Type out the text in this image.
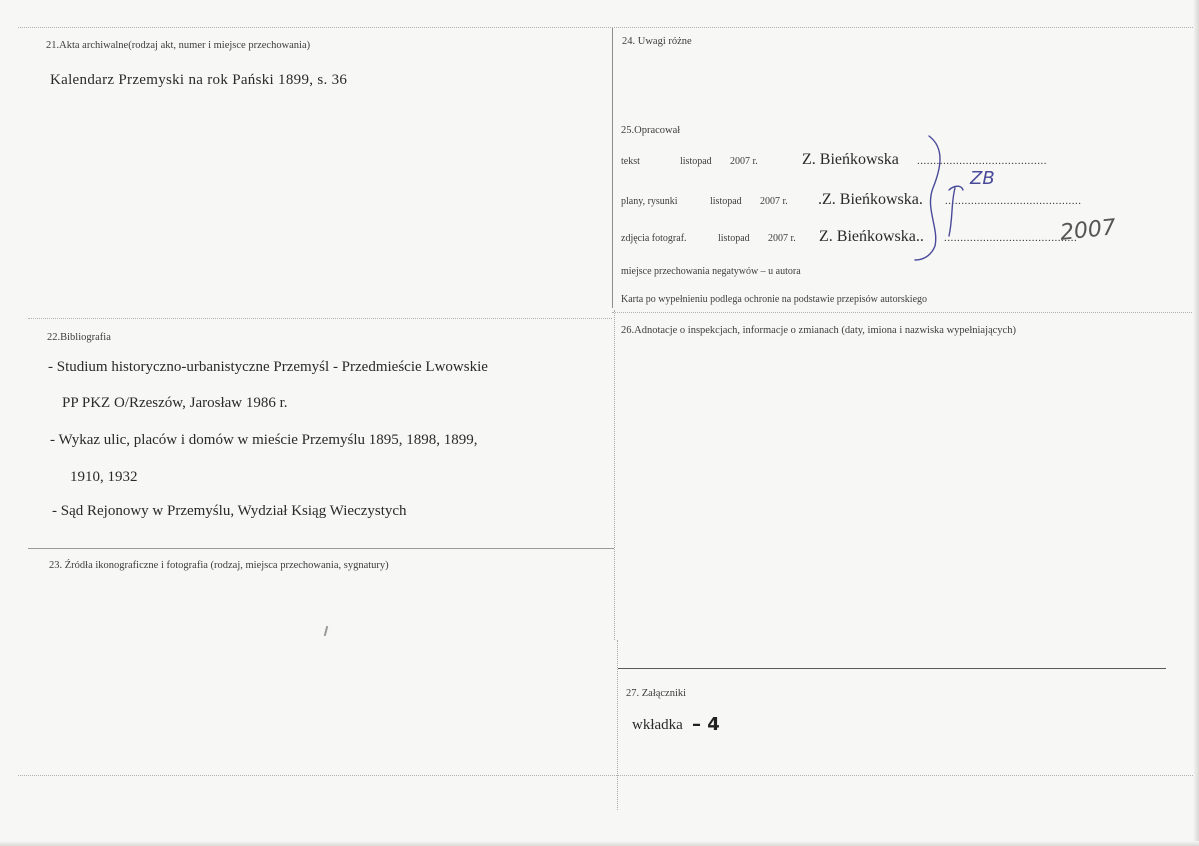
21.Akta archiwalne(rodzaj akt, numer i miejsce przechowania)
Kalendarz Przemyski na rok Pański 1899, s. 36
24. Uwagi różne
25.Opracował
tekst	listopad 2007 r.	Z. Bieńkowska ........................................
plany, rysunki	listopad 2007 r. .Z. Bieńkowska. ..........................................
zdjęcia fotograf.	listopad 2007 r. Z. Bieńkowska.. .........................................
miejsce przechowania negatywów – u autora
Karta po wypełnieniu podlega ochronie na podstawie przepisów autorskiego
ZB
2007
22.Bibliografia
- Studium historyczno-urbanistyczne Przemyśl - Przedmieście Lwowskie
PP PKZ O/Rzeszów, Jarosław 1986 r.
- Wykaz ulic, placów i domów w mieście Przemyślu 1895, 1898, 1899,
1910, 1932
- Sąd Rejonowy w Przemyślu, Wydział Ksiąg Wieczystych
26.Adnotacje o inspekcjach, informacje o zmianach (daty, imiona i nazwiska wypełniających)
23. Źródła ikonograficzne i fotografia (rodzaj, miejsca przechowania, sygnatury)
27. Załączniki
wkładka – 4
